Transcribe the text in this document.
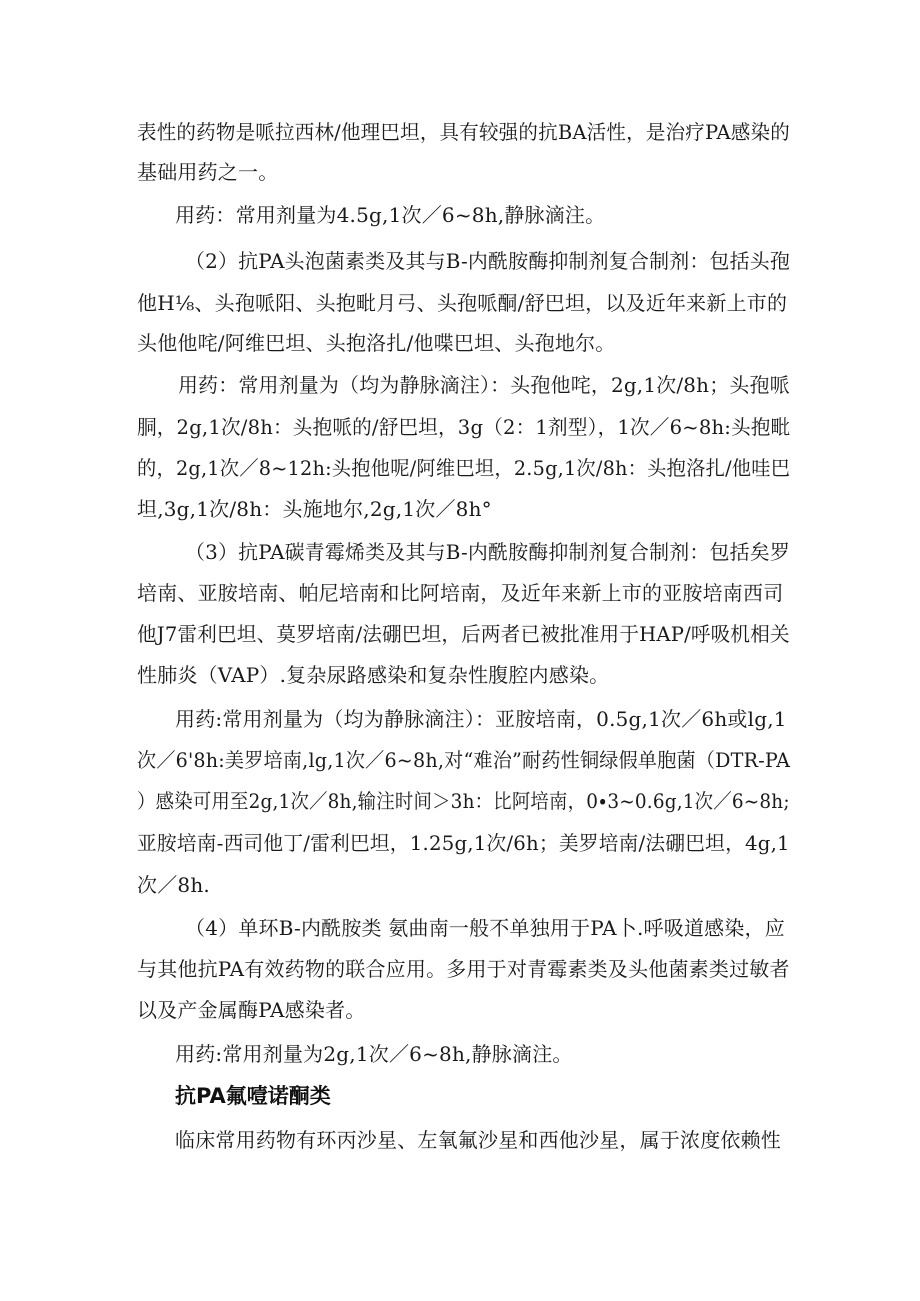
表性的药物是哌拉西林/他理巴坦，具有较强的抗BA活性，是治疗PA感染的
基础用药之一。
用药：常用剂量为4.5g,1次／6~8h,静脉滴注。
（2）抗PA头泡菌素类及其与B-内酰胺酶抑制剂复合制剂：包括头孢
他H⅛、头孢哌阳、头抱毗月弓、头孢哌酮/舒巴坦，以及近年来新上市的
头他他咤/阿维巴坦、头抱洛扎/他喋巴坦、头孢地尔。
用药：常用剂量为（均为静脉滴注）：头孢他咤，2g,1次/8h；头孢哌
胴，2g,1次/8h：头抱哌的/舒巴坦，3g（2：1剂型），1次／6~8h:头抱毗
的，2g,1次／8~12h:头抱他呢/阿维巴坦，2.5g,1次/8h：头抱洛扎/他哇巴
坦,3g,1次/8h：头施地尔,2g,1次／8h°
（3）抗PA碳青霉烯类及其与B-内酰胺酶抑制剂复合制剂：包括矣罗
培南、亚胺培南、帕尼培南和比阿培南，及近年来新上市的亚胺培南西司
他J7雷利巴坦、莫罗培南/法硼巴坦，后两者已被批准用于HAP/呼吸机相关
性肺炎（VAP）.复杂尿路感染和复杂性腹腔内感染。
用药:常用剂量为（均为静脉滴注）：亚胺培南，0.5g,1次／6h或lg,1
次／6'8h:美罗培南,lg,1次／6~8h,对“难治”耐药性铜绿假单胞菌（DTR-PA
）感染可用至2g,1次／8h,输注时间＞3h：比阿培南，0∙3~0.6g,1次／6~8h;
亚胺培南-西司他丁/雷利巴坦，1.25g,1次/6h；美罗培南/法硼巴坦，4g,1
次／8h.
（4）单环B-内酰胺类 氨曲南一般不单独用于PA卜.呼吸道感染，应
与其他抗PA有效药物的联合应用。多用于对青霉素类及头他菌素类过敏者
以及产金属酶PA感染者。
用药:常用剂量为2g,1次／6~8h,静脉滴注。
抗PA氟噎诺酮类
临床常用药物有环丙沙星、左氧氟沙星和西他沙星，属于浓度依赖性
